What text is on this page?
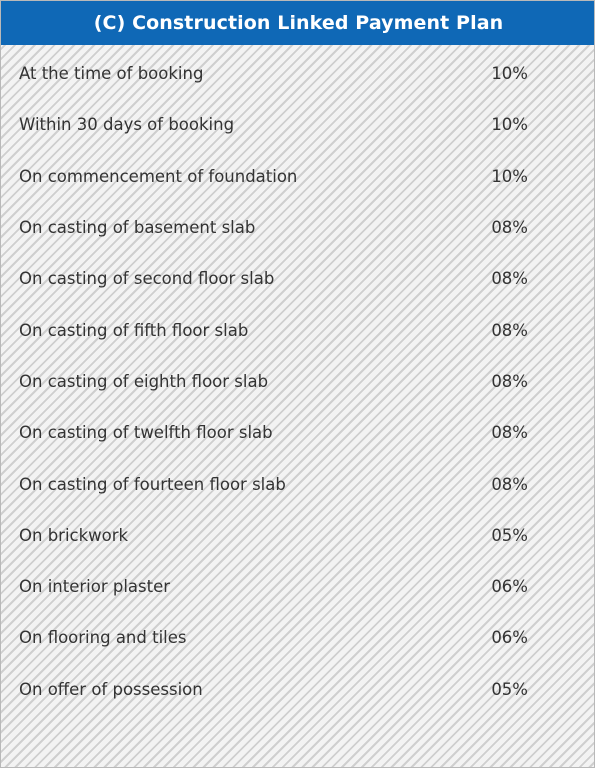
(C) Construction Linked Payment Plan
At the time of booking	10%
Within 30 days of booking	10%
On commencement of foundation	10%
On casting of basement slab	08%
On casting of second floor slab	08%
On casting of fifth floor slab	08%
On casting of eighth floor slab	08%
On casting of twelfth floor slab	08%
On casting of fourteen floor slab	08%
On brickwork	05%
On interior plaster	06%
On flooring and tiles	06%
On offer of possession	05%
